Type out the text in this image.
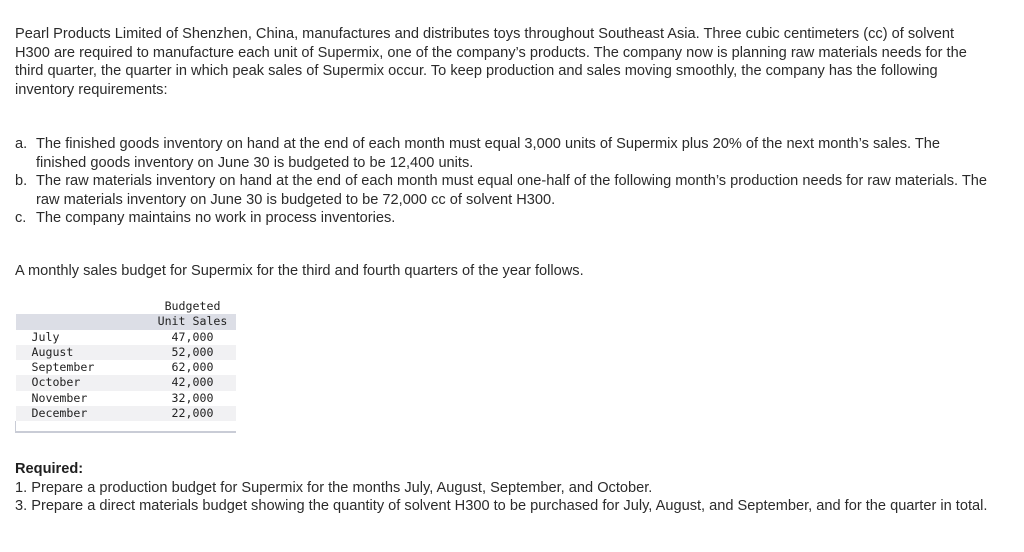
Pearl Products Limited of Shenzhen, China, manufactures and distributes toys throughout Southeast Asia. Three cubic centimeters (cc) of solvent H300 are required to manufacture each unit of Supermix, one of the company’s products. The company now is planning raw materials needs for the third quarter, the quarter in which peak sales of Supermix occur. To keep production and sales moving smoothly, the company has the following inventory requirements:

a. The finished goods inventory on hand at the end of each month must equal 3,000 units of Supermix plus 20% of the next month’s sales. The finished goods inventory on June 30 is budgeted to be 12,400 units.
b. The raw materials inventory on hand at the end of each month must equal one-half of the following month’s production needs for raw materials. The raw materials inventory on June 30 is budgeted to be 72,000 cc of solvent H300.
c. The company maintains no work in process inventories.

A monthly sales budget for Supermix for the third and fourth quarters of the year follows.

	Budgeted
	Unit Sales
July	47,000
August	52,000
September	62,000
October	42,000
November	32,000
December	22,000

Required:

1. Prepare a production budget for Supermix for the months July, August, September, and October.

3. Prepare a direct materials budget showing the quantity of solvent H300 to be purchased for July, August, and September, and for the quarter in total.
